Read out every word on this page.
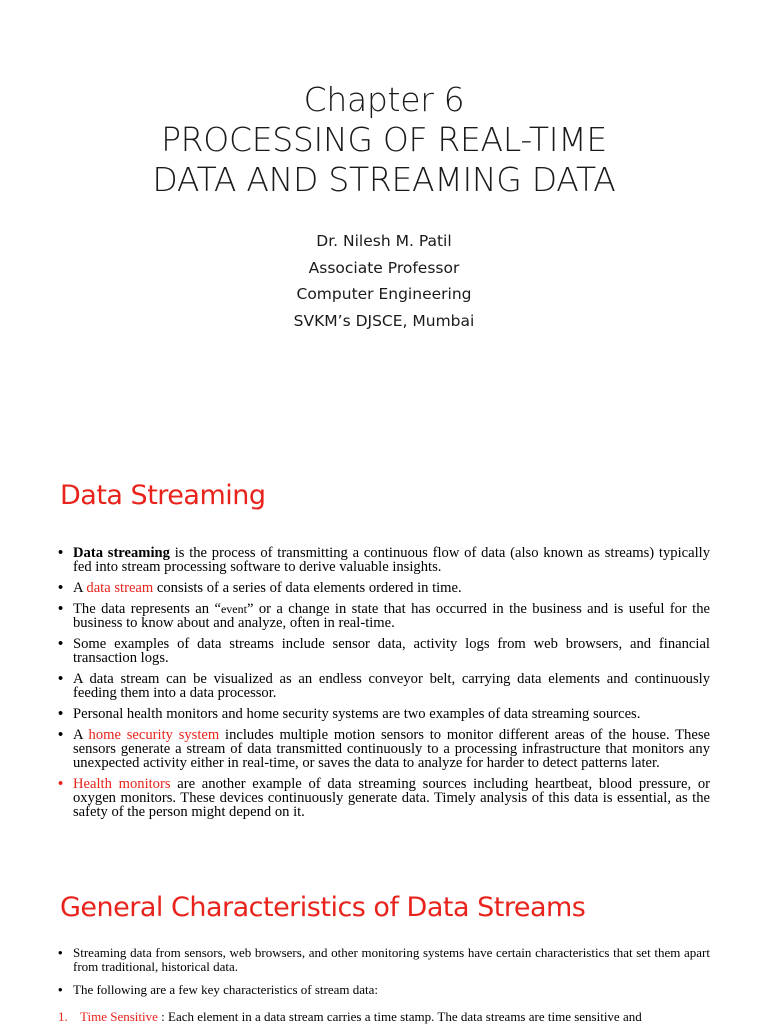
Chapter 6
PROCESSING OF REAL-TIME
DATA AND STREAMING DATA
Dr. Nilesh M. Patil
Associate Professor
Computer Engineering
SVKM’s DJSCE, Mumbai
Data Streaming
• Data streaming is the process of transmitting a continuous flow of data (also known as streams) typically fed into stream processing software to derive valuable insights.
• A data stream consists of a series of data elements ordered in time.
• The data represents an “event” or a change in state that has occurred in the business and is useful for the business to know about and analyze, often in real-time.
• Some examples of data streams include sensor data, activity logs from web browsers, and financial transaction logs.
• A data stream can be visualized as an endless conveyor belt, carrying data elements and continuously feeding them into a data processor.
• Personal health monitors and home security systems are two examples of data streaming sources.
• A home security system includes multiple motion sensors to monitor different areas of the house. These sensors generate a stream of data transmitted continuously to a processing infrastructure that monitors any unexpected activity either in real-time, or saves the data to analyze for harder to detect patterns later.
• Health monitors are another example of data streaming sources including heartbeat, blood pressure, or oxygen monitors. These devices continuously generate data. Timely analysis of this data is essential, as the safety of the person might depend on it.
General Characteristics of Data Streams
• Streaming data from sensors, web browsers, and other monitoring systems have certain characteristics that set them apart from traditional, historical data.
• The following are a few key characteristics of stream data:
1. Time Sensitive : Each element in a data stream carries a time stamp. The data streams are time sensitive and
